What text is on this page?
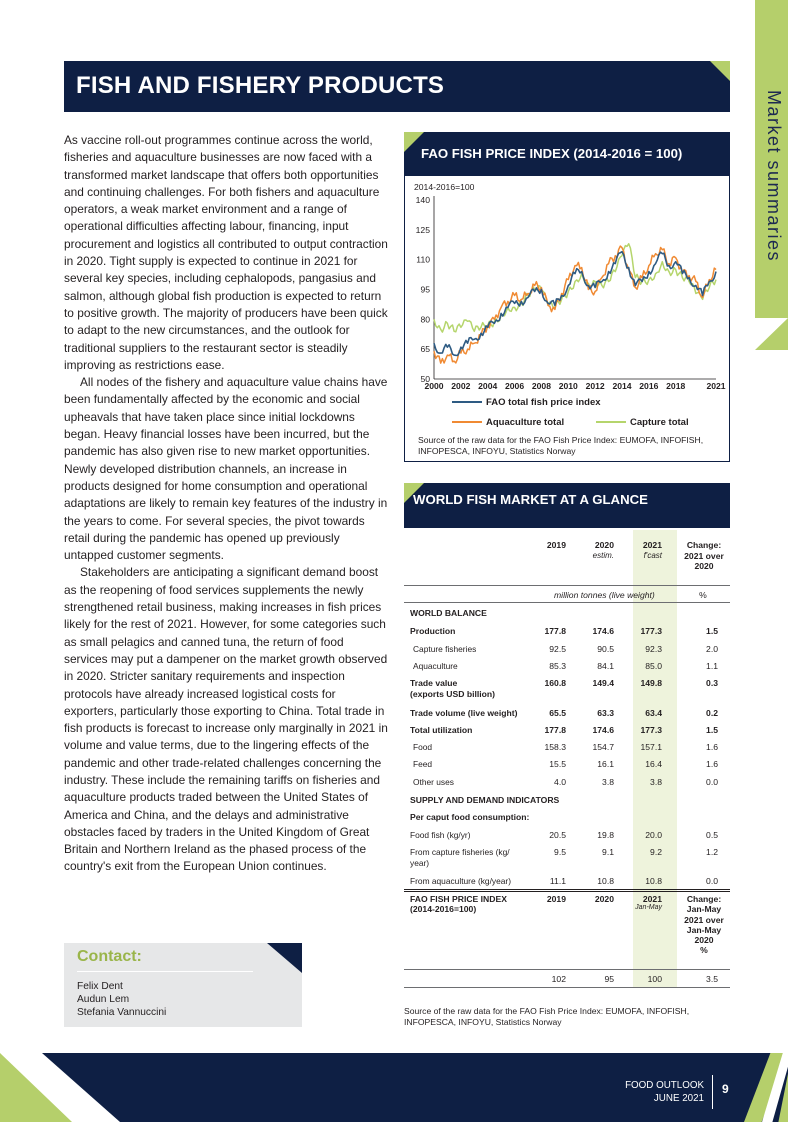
Market summaries
FISH AND FISHERY PRODUCTS

As vaccine roll-out programmes continue across the world, fisheries and aquaculture businesses are now faced with a transformed market landscape that offers both opportunities and continuing challenges. For both fishers and aquaculture operators, a weak market environment and a range of operational difficulties affecting labour, financing, input procurement and logistics all contributed to output contraction in 2020. Tight supply is expected to continue in 2021 for several key species, including cephalopods, pangasius and salmon, although global fish production is expected to return to positive growth. The majority of producers have been quick to adapt to the new circumstances, and the outlook for traditional suppliers to the restaurant sector is steadily improving as restrictions ease.

All nodes of the fishery and aquaculture value chains have been fundamentally affected by the economic and social upheavals that have taken place since initial lockdowns began. Heavy financial losses have been incurred, but the pandemic has also given rise to new market opportunities. Newly developed distribution channels, an increase in products designed for home consumption and operational adaptations are likely to remain key features of the industry in the years to come. For several species, the pivot towards retail during the pandemic has opened up previously untapped customer segments.

Stakeholders are anticipating a significant demand boost as the reopening of food services supplements the newly strengthened retail business, making increases in fish prices likely for the rest of 2021. However, for some categories such as small pelagics and canned tuna, the return of food services may put a dampener on the market growth observed in 2020. Stricter sanitary requirements and inspection protocols have already increased logistical costs for exporters, particularly those exporting to China. Total trade in fish products is forecast to increase only marginally in 2021 in volume and value terms, due to the lingering effects of the pandemic and other trade-related challenges concerning the industry. These include the remaining tariffs on fisheries and aquaculture products traded between the United States of America and China, and the delays and administrative obstacles faced by traders in the United Kingdom of Great Britain and Northern Ireland as the phased process of the country's exit from the European Union continues.

Contact:
Felix Dent
Audun Lem
Stefania Vannuccini
FAO FISH PRICE INDEX (2014-2016 = 100)
2014-2016=100
140
125
110
95
80
65
50
2000 2002 2004 2006 2008 2010 2012 2014 2016 2018 2021
FAO total fish price index
Aquaculture total	Capture total
Source of the raw data for the FAO Fish Price Index: EUMOFA, INFOFISH, INFOPESCA, INFOYU, Statistics Norway
WORLD FISH MARKET AT A GLANCE
2019	2020	2021	Change: 2021 over 2020
estim.	f'cast
million tonnes (live weight)	%
WORLD BALANCE
Production	177.8	174.6	177.3	1.5
Capture fisheries	92.5	90.5	92.3	2.0
Aquaculture	85.3	84.1	85.0	1.1
Trade value
(exports USD billion)
160.8	149.4	149.8	0.3
Trade volume (live weight)	65.5	63.3	63.4	0.2
Total utilization	177.8	174.6	177.3	1.5
Food	158.3	154.7	157.1	1.6
Feed	15.5	16.1	16.4	1.6
Other uses	4.0	3.8	3.8	0.0
SUPPLY AND DEMAND INDICATORS
Per caput food consumption:
Food fish (kg/yr)	20.5	19.8	20.0	0.5
From capture fisheries (kg/
year)
9.5	9.1	9.2	1.2
From aquaculture (kg/year)	11.1	10.8	10.8	0.0
FAO FISH PRICE INDEX
(2014-2016=100)
2019	2020	2021
Jan-May
Change: Jan-May 2021 over Jan-May 2020
%
102	95	100	3.5
Source of the raw data for the FAO Fish Price Index: EUMOFA, INFOFISH, INFOPESCA, INFOYU, Statistics Norway
FOOD OUTLOOK
JUNE 2021
9
